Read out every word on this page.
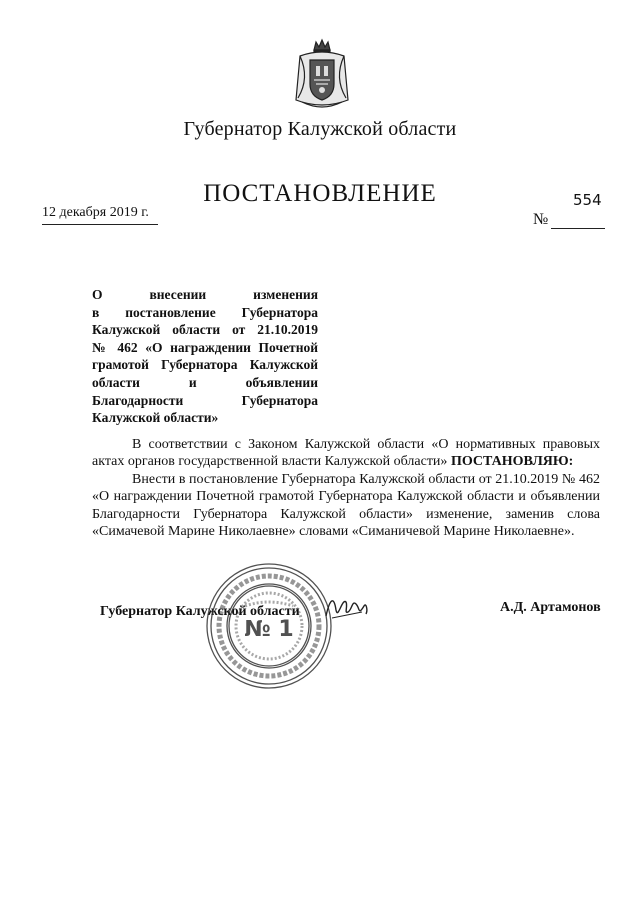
Губернатор Калужской области
ПОСТАНОВЛЕНИЕ
12 декабря 2019 г.	№
554
О внесении изменения
в постановление Губернатора
Калужской области от 21.10.2019
№ 462 «О награждении Почетной
грамотой Губернатора Калужской
области и объявлении
Благодарности Губернатора
Калужской области»

В соответствии с Законом Калужской области «О нормативных правовых актах органов государственной власти Калужской области» ПОСТАНОВЛЯЮ:

Внести в постановление Губернатора Калужской области от 21.10.2019 № 462 «О награждении Почетной грамотой Губернатора Калужской области и объявлении Благодарности Губернатора Калужской области» изменение, заменив слова «Симачевой Марине Николаевне» словами «Симаничевой Марине Николаевне».

Губернатор Калужской области	А.Д. Артамонов
№ 1
